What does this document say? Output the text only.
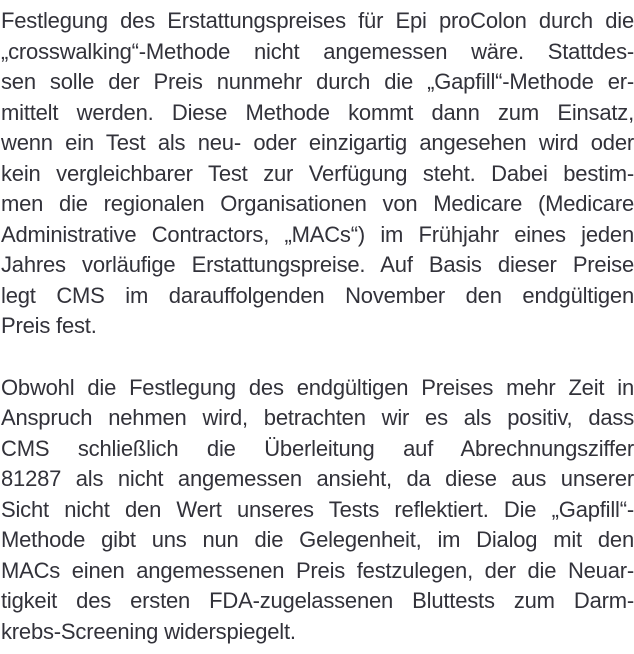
Festlegung des Erstattungspreises für Epi proColon durch die
„crosswalking“-Methode nicht angemessen wäre. Stattdes-
sen solle der Preis nunmehr durch die „Gapfill“-Methode er-
mittelt werden. Diese Methode kommt dann zum Einsatz,
wenn ein Test als neu- oder einzigartig angesehen wird oder
kein vergleichbarer Test zur Verfügung steht. Dabei bestim-
men die regionalen Organisationen von Medicare (Medicare
Administrative Contractors, „MACs“) im Frühjahr eines jeden
Jahres vorläufige Erstattungspreise. Auf Basis dieser Preise
legt CMS im darauffolgenden November den endgültigen
Preis fest.
Obwohl die Festlegung des endgültigen Preises mehr Zeit in
Anspruch nehmen wird, betrachten wir es als positiv, dass
CMS schließlich die Überleitung auf Abrechnungsziffer
81287 als nicht angemessen ansieht, da diese aus unserer
Sicht nicht den Wert unseres Tests reflektiert. Die „Gapfill“-
Methode gibt uns nun die Gelegenheit, im Dialog mit den
MACs einen angemessenen Preis festzulegen, der die Neuar-
tigkeit des ersten FDA-zugelassenen Bluttests zum Darm-
krebs-Screening widerspiegelt.
